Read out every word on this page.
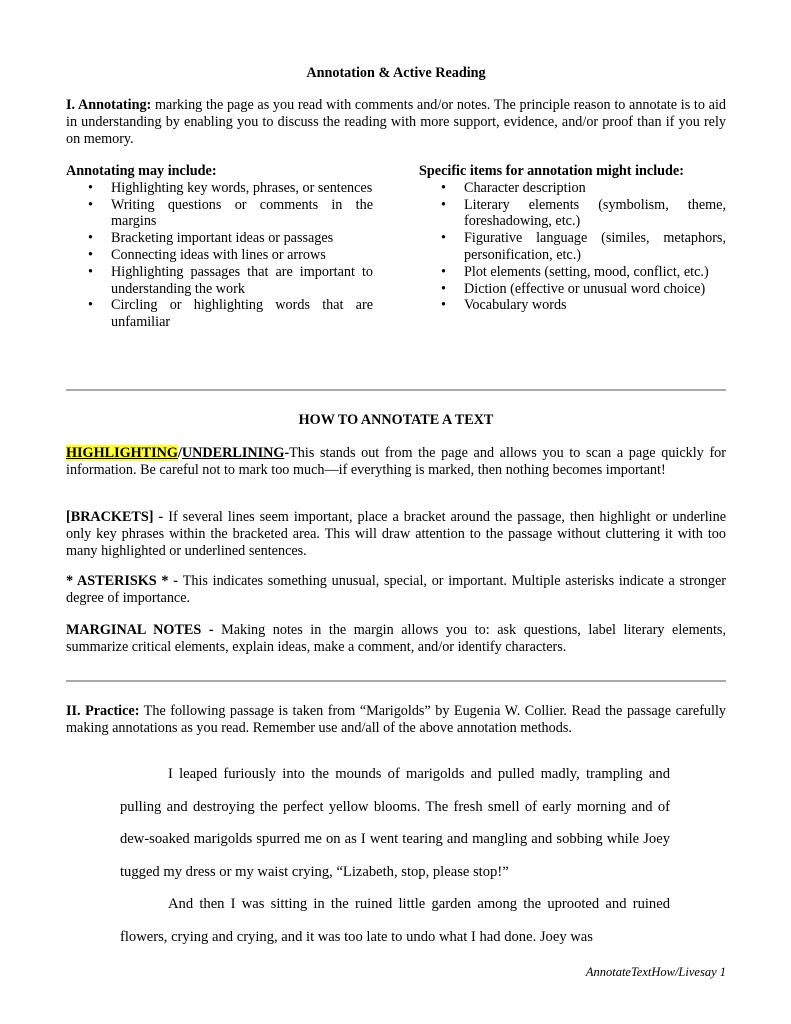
Annotation & Active Reading
I. Annotating: marking the page as you read with comments and/or notes. The principle reason to annotate is to aid in understanding by enabling you to discuss the reading with more support, evidence, and/or proof than if you rely on memory.
Annotating may include:
• Highlighting key words, phrases, or sentences
• Writing questions or comments in the margins
• Bracketing important ideas or passages
• Connecting ideas with lines or arrows
• Highlighting passages that are important to understanding the work
• Circling or highlighting words that are unfamiliar
Specific items for annotation might include:
• Character description
• Literary elements (symbolism, theme, foreshadowing, etc.)
• Figurative language (similes, metaphors, personification, etc.)
• Plot elements (setting, mood, conflict, etc.)
• Diction (effective or unusual word choice)
• Vocabulary words
HOW TO ANNOTATE A TEXT
HIGHLIGHTING/UNDERLINING-This stands out from the page and allows you to scan a page quickly for information. Be careful not to mark too much—if everything is marked, then nothing becomes important!
[BRACKETS] - If several lines seem important, place a bracket around the passage, then highlight or underline only key phrases within the bracketed area. This will draw attention to the passage without cluttering it with too many highlighted or underlined sentences.
* ASTERISKS * - This indicates something unusual, special, or important. Multiple asterisks indicate a stronger degree of importance.
MARGINAL NOTES - Making notes in the margin allows you to: ask questions, label literary elements, summarize critical elements, explain ideas, make a comment, and/or identify characters.
II. Practice: The following passage is taken from “Marigolds” by Eugenia W. Collier. Read the passage carefully making annotations as you read. Remember use and/all of the above annotation methods.

I leaped furiously into the mounds of marigolds and pulled madly, trampling and pulling and destroying the perfect yellow blooms. The fresh smell of early morning and of dew-soaked marigolds spurred me on as I went tearing and mangling and sobbing while Joey tugged my dress or my waist crying, “Lizabeth, stop, please stop!”

And then I was sitting in the ruined little garden among the uprooted and ruined flowers, crying and crying, and it was too late to undo what I had done. Joey was

AnnotateTextHow/Livesay 1
